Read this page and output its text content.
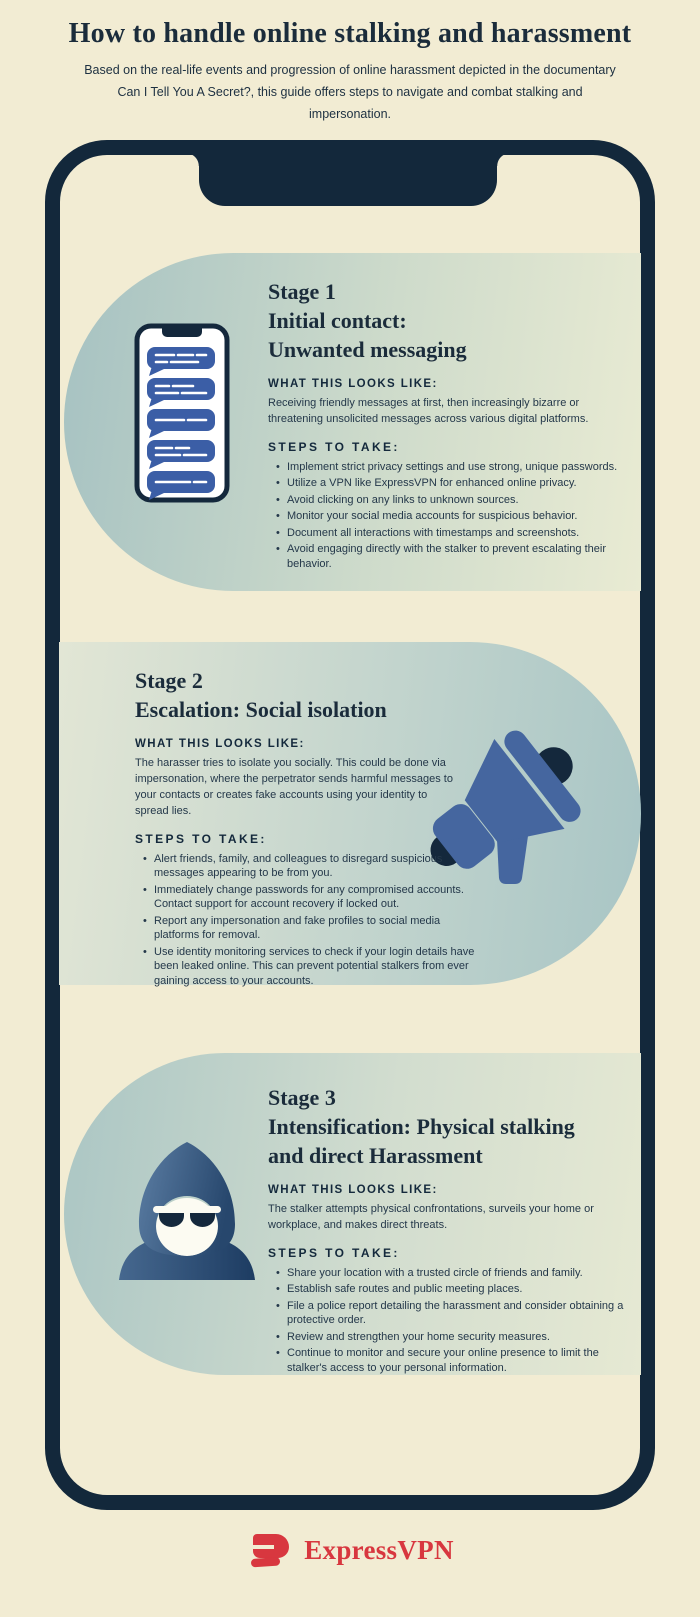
How to handle online stalking and harassment
Based on the real-life events and progression of online harassment depicted in the documentary Can I Tell You A Secret?, this guide offers steps to navigate and combat stalking and impersonation.
Stage 1
Initial contact:
Unwanted messaging
WHAT THIS LOOKS LIKE:
Receiving friendly messages at first, then increasingly bizarre or threatening unsolicited messages across various digital platforms.
STEPS TO TAKE:
• Implement strict privacy settings and use strong, unique passwords.
• Utilize a VPN like ExpressVPN for enhanced online privacy.
• Avoid clicking on any links to unknown sources.
• Monitor your social media accounts for suspicious behavior.
• Document all interactions with timestamps and screenshots.
• Avoid engaging directly with the stalker to prevent escalating their behavior.
Stage 2
Escalation: Social isolation
WHAT THIS LOOKS LIKE:
The harasser tries to isolate you socially. This could be done via impersonation, where the perpetrator sends harmful messages to your contacts or creates fake accounts using your identity to spread lies.
STEPS TO TAKE:
• Alert friends, family, and colleagues to disregard suspicious messages appearing to be from you.
• Immediately change passwords for any compromised accounts. Contact support for account recovery if locked out.
• Report any impersonation and fake profiles to social media platforms for removal.
• Use identity monitoring services to check if your login details have been leaked online. This can prevent potential stalkers from ever gaining access to your accounts.
Stage 3
Intensification: Physical stalking
and direct Harassment
WHAT THIS LOOKS LIKE:
The stalker attempts physical confrontations, surveils your home or workplace, and makes direct threats.
STEPS TO TAKE:
• Share your location with a trusted circle of friends and family.
• Establish safe routes and public meeting places.
• File a police report detailing the harassment and consider obtaining a protective order.
• Review and strengthen your home security measures.
• Continue to monitor and secure your online presence to limit the stalker's access to your personal information.
ExpressVPN
